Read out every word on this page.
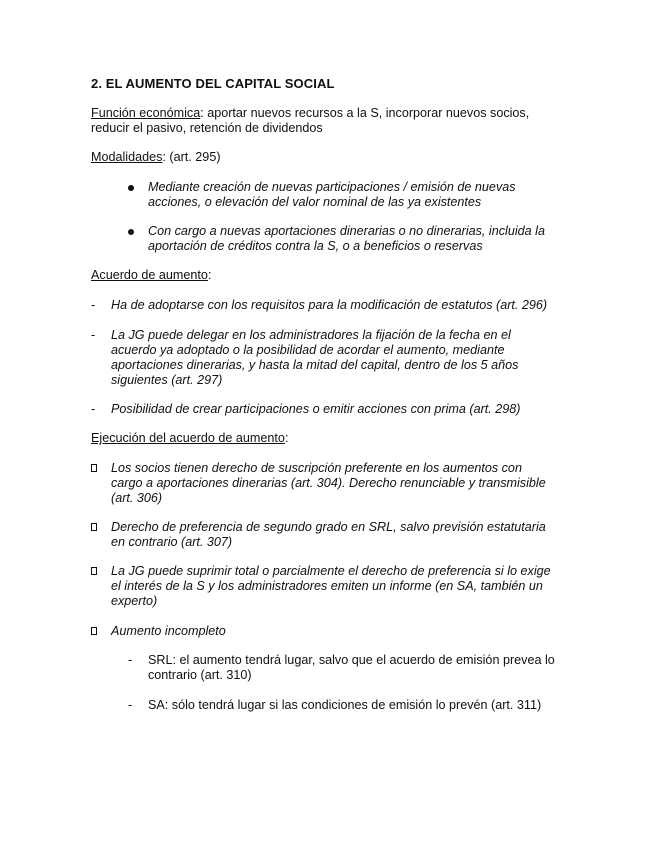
2. EL AUMENTO DEL CAPITAL SOCIAL
Función económica: aportar nuevos recursos a la S, incorporar nuevos socios,
reducir el pasivo, retención de dividendos
Modalidades: (art. 295)
Mediante creación de nuevas participaciones / emisión de nuevas
acciones, o elevación del valor nominal de las ya existentes
Con cargo a nuevas aportaciones dinerarias o no dinerarias, incluida la
aportación de créditos contra la S, o a beneficios o reservas
Acuerdo de aumento:
- Ha de adoptarse con los requisitos para la modificación de estatutos (art. 296)
- La JG puede delegar en los administradores la fijación de la fecha en el
acuerdo ya adoptado o la posibilidad de acordar el aumento, mediante
aportaciones dinerarias, y hasta la mitad del capital, dentro de los 5 años
siguientes (art. 297)
- Posibilidad de crear participaciones o emitir acciones con prima (art. 298)
Ejecución del acuerdo de aumento:
Los socios tienen derecho de suscripción preferente en los aumentos con
cargo a aportaciones dinerarias (art. 304). Derecho renunciable y transmisible
(art. 306)
Derecho de preferencia de segundo grado en SRL, salvo previsión estatutaria
en contrario (art. 307)
La JG puede suprimir total o parcialmente el derecho de preferencia si lo exige
el interés de la S y los administradores emiten un informe (en SA, también un
experto)
Aumento incompleto
- SRL: el aumento tendrá lugar, salvo que el acuerdo de emisión prevea lo
contrario (art. 310)
- SA: sólo tendrá lugar si las condiciones de emisión lo prevén (art. 311)
